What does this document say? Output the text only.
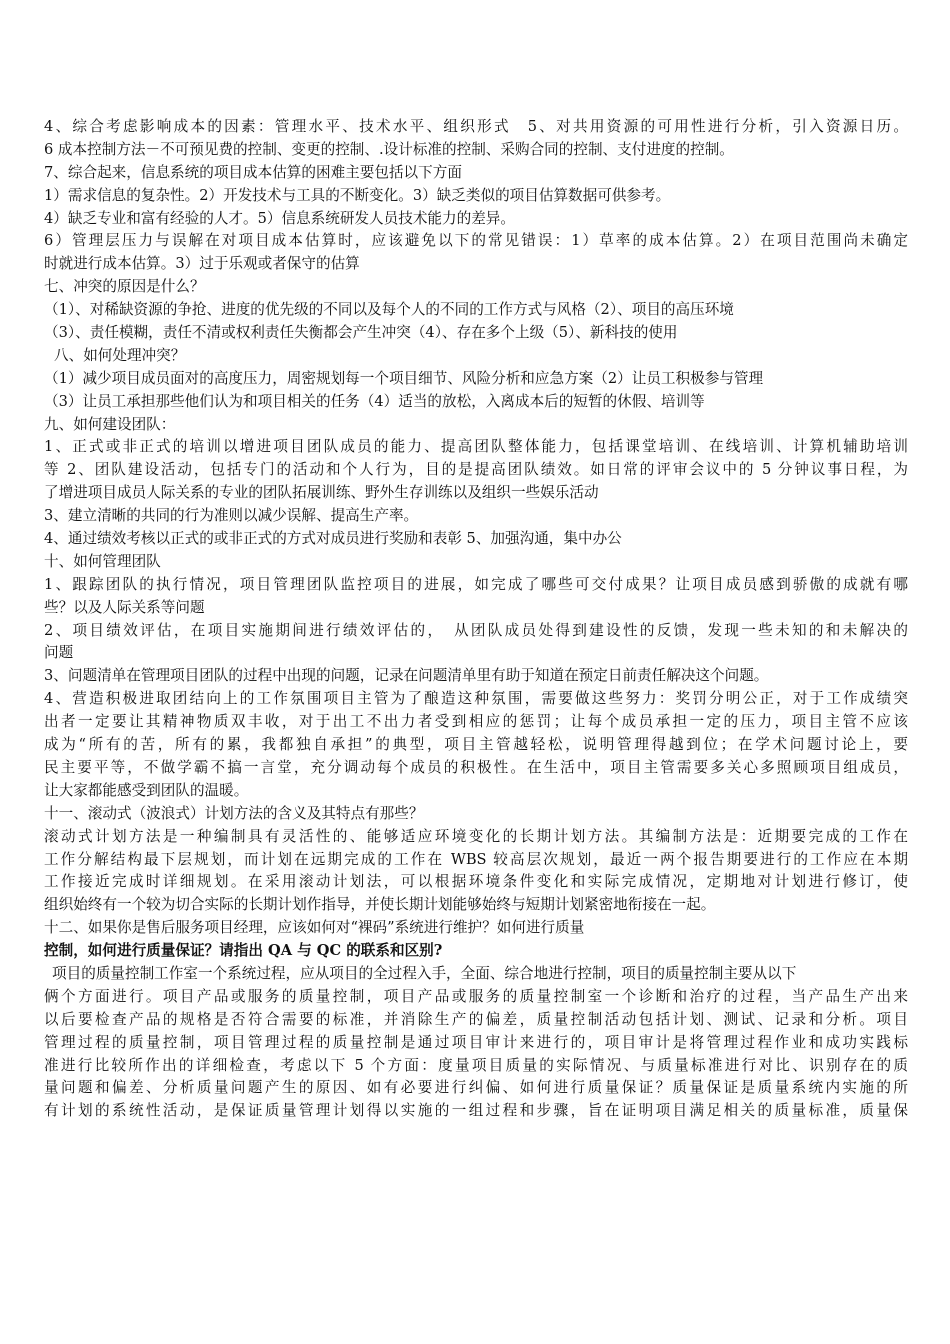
4、综合考虑影响成本的因素：管理水平、技术水平、组织形式　5、对共用资源的可用性进行分析，引入资源日历。
6 成本控制方法－不可预见费的控制、变更的控制、.设计标准的控制、采购合同的控制、支付进度的控制。
7、综合起来，信息系统的项目成本估算的困难主要包括以下方面
1）需求信息的复杂性。2）开发技术与工具的不断变化。3）缺乏类似的项目估算数据可供参考。
4）缺乏专业和富有经验的人才。5）信息系统研发人员技术能力的差异。
6）管理层压力与误解在对项目成本估算时，应该避免以下的常见错误：1）草率的成本估算。2）在项目范围尚未确定
时就进行成本估算。3）过于乐观或者保守的估算
七、冲突的原因是什么？
（1）、对稀缺资源的争抢、进度的优先级的不同以及每个人的不同的工作方式与风格（2）、项目的高压环境
（3）、责任模糊，责任不清或权利责任失衡都会产生冲突（4）、存在多个上级（5）、新科技的使用
八、如何处理冲突？
（1）减少项目成员面对的高度压力，周密规划每一个项目细节、风险分析和应急方案（2）让员工积极参与管理
（3）让员工承担那些他们认为和项目相关的任务（4）适当的放松，入离成本后的短暂的休假、培训等
九、如何建设团队：
1、正式或非正式的培训以增进项目团队成员的能力、提高团队整体能力，包括课堂培训、在线培训、计算机辅助培训
等 2、团队建设活动，包括专门的活动和个人行为，目的是提高团队绩效。如日常的评审会议中的 5 分钟议事日程，为
了增进项目成员人际关系的专业的团队拓展训练、野外生存训练以及组织一些娱乐活动
3、建立清晰的共同的行为准则以减少误解、提高生产率。
4、通过绩效考核以正式的或非正式的方式对成员进行奖励和表彰 5、加强沟通，集中办公
十、如何管理团队
1、跟踪团队的执行情况，项目管理团队监控项目的进展，如完成了哪些可交付成果？让项目成员感到骄傲的成就有哪
些？以及人际关系等问题
2、项目绩效评估，在项目实施期间进行绩效评估的，　从团队成员处得到建设性的反馈，发现一些未知的和未解决的
问题
3、问题清单在管理项目团队的过程中出现的问题，记录在问题清单里有助于知道在预定日前责任解决这个问题。
4、营造积极进取团结向上的工作氛围项目主管为了酿造这种氛围，需要做这些努力：奖罚分明公正，对于工作成绩突
出者一定要让其精神物质双丰收，对于出工不出力者受到相应的惩罚；让每个成员承担一定的压力，项目主管不应该
成为“所有的苦，所有的累，我都独自承担”的典型，项目主管越轻松，说明管理得越到位；在学术问题讨论上，要
民主要平等，不做学霸不搞一言堂，充分调动每个成员的积极性。在生活中，项目主管需要多关心多照顾项目组成员，
让大家都能感受到团队的温暖。
十一、滚动式（波浪式）计划方法的含义及其特点有那些？
滚动式计划方法是一种编制具有灵活性的、能够适应环境变化的长期计划方法。其编制方法是：近期要完成的工作在
工作分解结构最下层规划，而计划在远期完成的工作在 WBS 较高层次规划，最近一两个报告期要进行的工作应在本期
工作接近完成时详细规划。在采用滚动计划法，可以根据环境条件变化和实际完成情况，定期地对计划进行修订，使
组织始终有一个较为切合实际的长期计划作指导，并使长期计划能够始终与短期计划紧密地衔接在一起。
十二、如果你是售后服务项目经理，应该如何对“裸码”系统进行维护？如何进行质量
控制，如何进行质量保证？请指出 QA 与 QC 的联系和区别?
项目的质量控制工作室一个系统过程，应从项目的全过程入手，全面、综合地进行控制，项目的质量控制主要从以下
俩个方面进行。项目产品或服务的质量控制，项目产品或服务的质量控制室一个诊断和治疗的过程，当产品生产出来
以后要检查产品的规格是否符合需要的标准，并消除生产的偏差，质量控制活动包括计划、测试、记录和分析。项目
管理过程的质量控制，项目管理过程的质量控制是通过项目审计来进行的，项目审计是将管理过程作业和成功实践标
准进行比较所作出的详细检查，考虑以下 5 个方面：度量项目质量的实际情况、与质量标准进行对比、识别存在的质
量问题和偏差、分析质量问题产生的原因、如有必要进行纠偏、如何进行质量保证？质量保证是质量系统内实施的所
有计划的系统性活动，是保证质量管理计划得以实施的一组过程和步骤，旨在证明项目满足相关的质量标准，质量保
